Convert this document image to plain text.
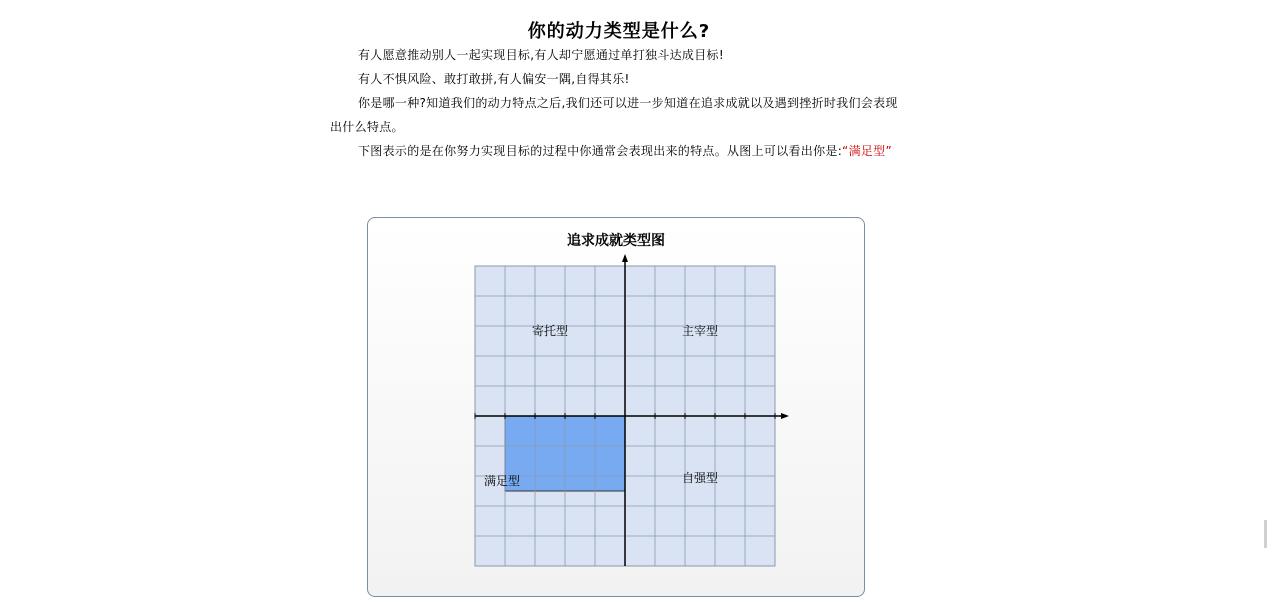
你的动力类型是什么?

有人愿意推动别人一起实现目标,有人却宁愿通过单打独斗达成目标!

有人不惧风险、敢打敢拼,有人偏安一隅,自得其乐!

你是哪一种?知道我们的动力特点之后,我们还可以进一步知道在追求成就以及遇到挫折时我们会表现出什么特点。

下图表示的是在你努力实现目标的过程中你通常会表现出来的特点。从图上可以看出你是:“满足型”

追求成就类型图
寄托型	主宰型
满足型	自强型
